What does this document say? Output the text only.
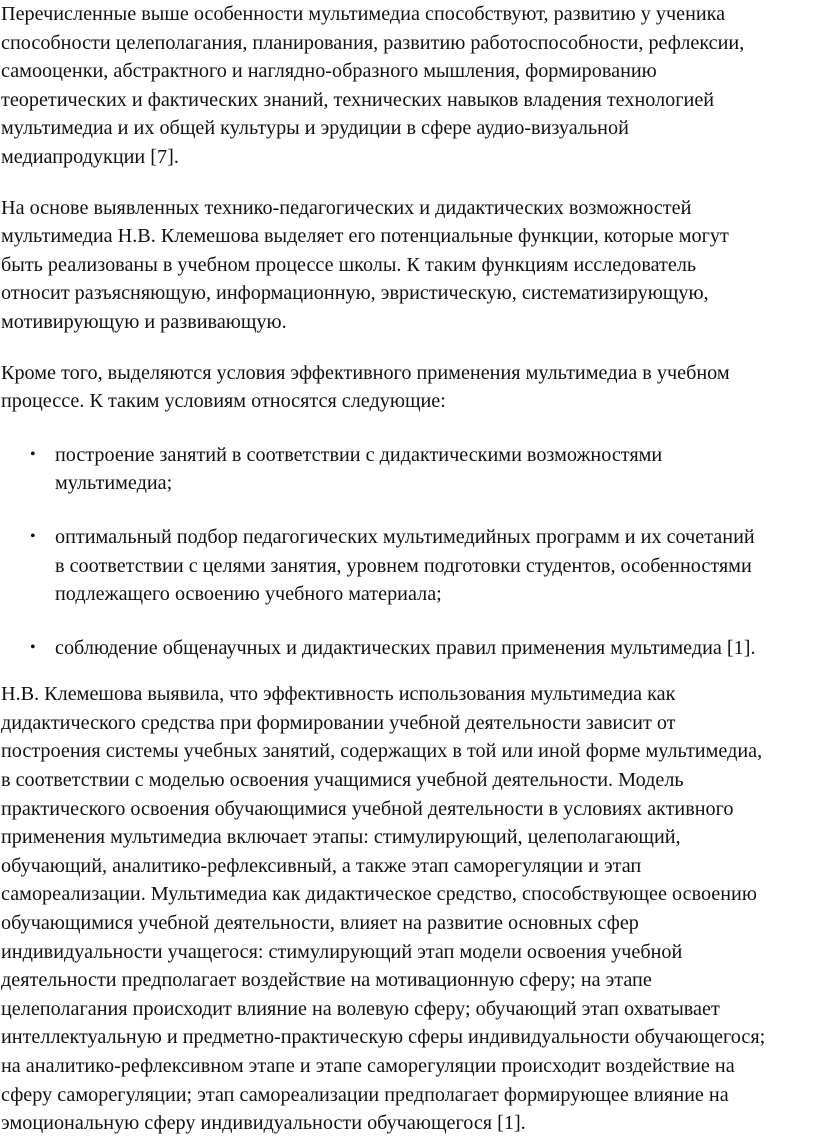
Перечисленные выше особенности мультимедиа способствуют, развитию у ученика

способности целеполагания, планирования, развитию работоспособности, рефлексии,

самооценки, абстрактного и наглядно-образного мышления, формированию

теоретических и фактических знаний, технических навыков владения технологией

мультимедиа и их общей культуры и эрудиции в сфере аудио-визуальной

медиапродукции [7].

На основе выявленных технико-педагогических и дидактических возможностей

мультимедиа Н.В. Клемешова выделяет его потенциальные функции, которые могут

быть реализованы в учебном процессе школы. К таким функциям исследователь

относит разъясняющую, информационную, эвристическую, систематизирующую,

мотивирующую и развивающую.

Кроме того, выделяются условия эффективного применения мультимедиа в учебном

процессе. К таким условиям относятся следующие:

• построение занятий в соответствии с дидактическими возможностями

мультимедиа;

• оптимальный подбор педагогических мультимедийных программ и их сочетаний

в соответствии с целями занятия, уровнем подготовки студентов, особенностями

подлежащего освоению учебного материала;

• соблюдение общенаучных и дидактических правил применения мультимедиа [1].

Н.В. Клемешова выявила, что эффективность использования мультимедиа как

дидактического средства при формировании учебной деятельности зависит от

построения системы учебных занятий, содержащих в той или иной форме мультимедиа,

в соответствии с моделью освоения учащимися учебной деятельности. Модель

практического освоения обучающимися учебной деятельности в условиях активного

применения мультимедиа включает этапы: стимулирующий, целеполагающий,

обучающий, аналитико-рефлексивный, а также этап саморегуляции и этап

самореализации. Мультимедиа как дидактическое средство, способствующее освоению

обучающимися учебной деятельности, влияет на развитие основных сфер

индивидуальности учащегося: стимулирующий этап модели освоения учебной

деятельности предполагает воздействие на мотивационную сферу; на этапе

целеполагания происходит влияние на волевую сферу; обучающий этап охватывает

интеллектуальную и предметно-практическую сферы индивидуальности обучающегося;

на аналитико-рефлексивном этапе и этапе саморегуляции происходит воздействие на

сферу саморегуляции; этап самореализации предполагает формирующее влияние на

эмоциональную сферу индивидуальности обучающегося [1].
